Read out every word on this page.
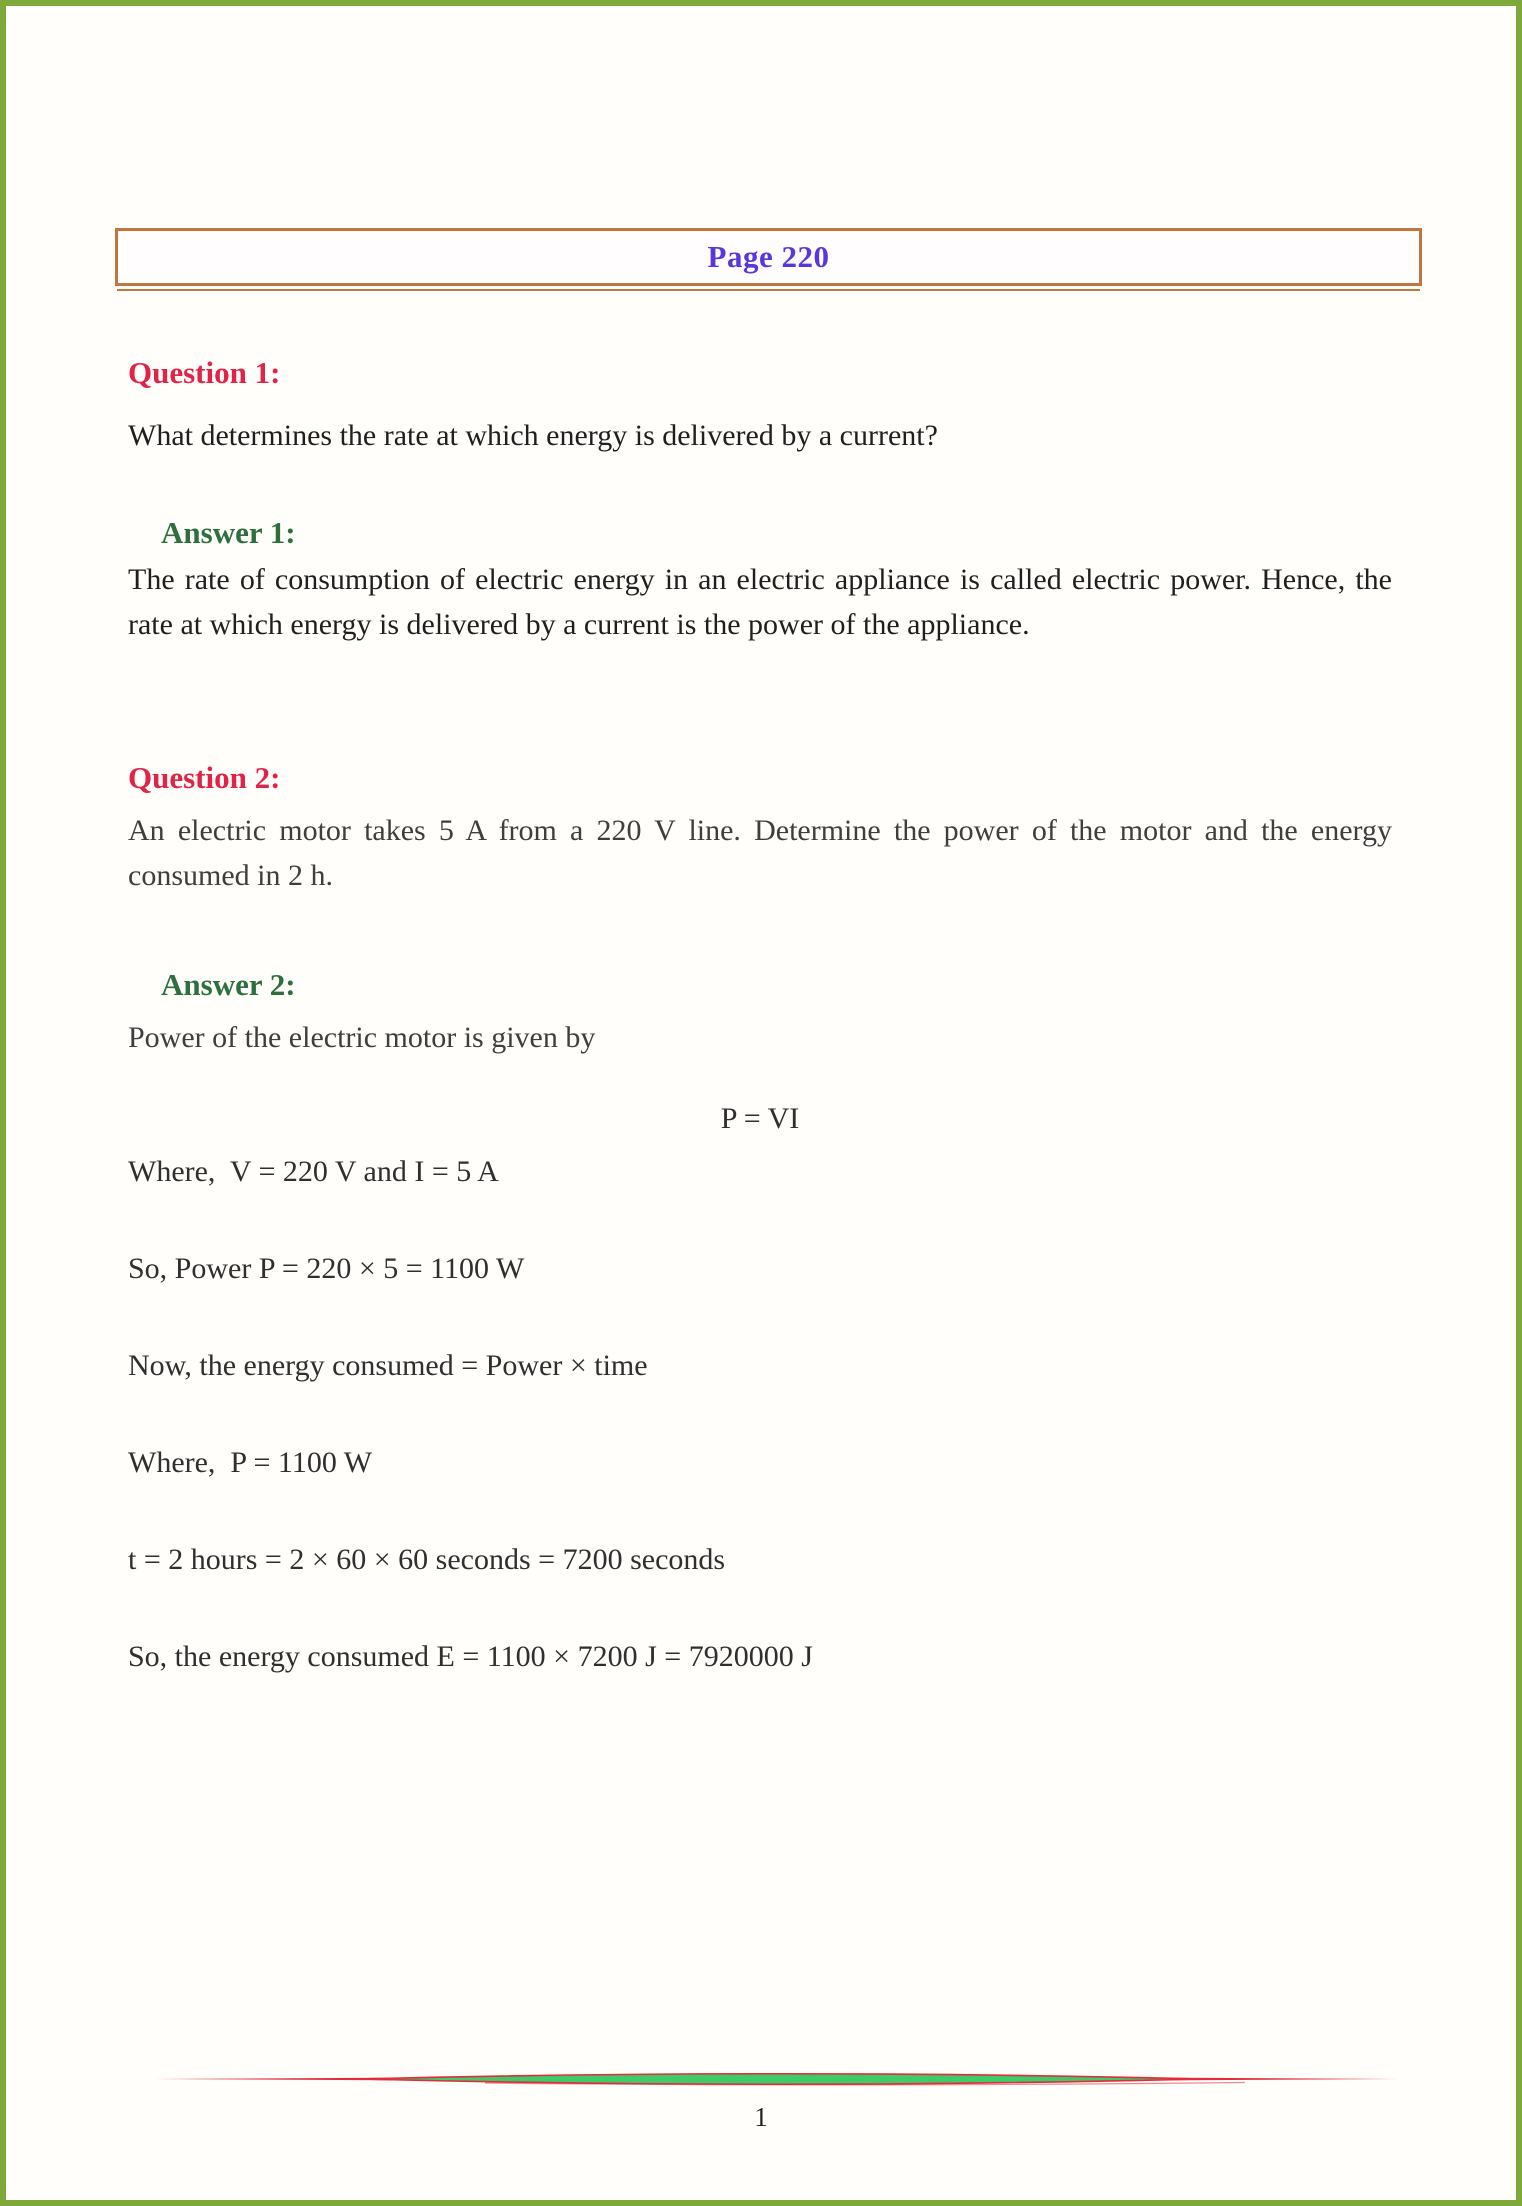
Page 220
Question 1:

What determines the rate at which energy is delivered by a current?

Answer 1:

The rate of consumption of electric energy in an electric appliance is called electric power. Hence, the rate at which energy is delivered by a current is the power of the appliance.

Question 2:

An electric motor takes 5 A from a 220 V line. Determine the power of the motor and the energy consumed in 2 h.

Answer 2:

Power of the electric motor is given by

P = VI

Where,  V = 220 V and I = 5 A

So, Power P = 220 × 5 = 1100 W

Now, the energy consumed = Power × time

Where,  P = 1100 W

t = 2 hours = 2 × 60 × 60 seconds = 7200 seconds

So, the energy consumed E = 1100 × 7200 J = 7920000 J

1
